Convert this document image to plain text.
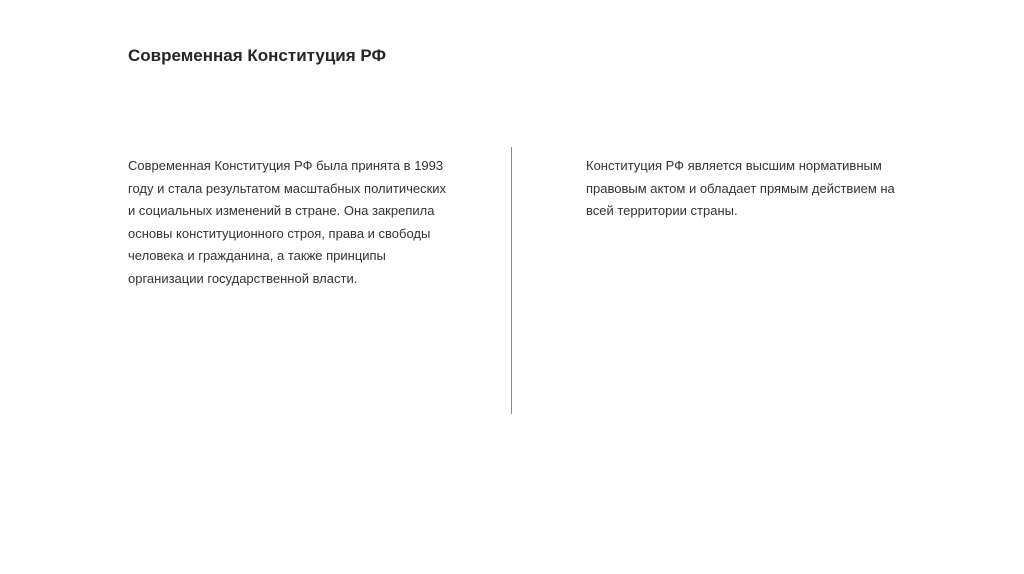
Современная Конституция РФ

Современная Конституция РФ была принята в 1993
году и стала результатом масштабных политических
и социальных изменений в стране. Она закрепила
основы конституционного строя, права и свободы
человека и гражданина, а также принципы
организации государственной власти.

Конституция РФ является высшим нормативным
правовым актом и обладает прямым действием на
всей территории страны.
